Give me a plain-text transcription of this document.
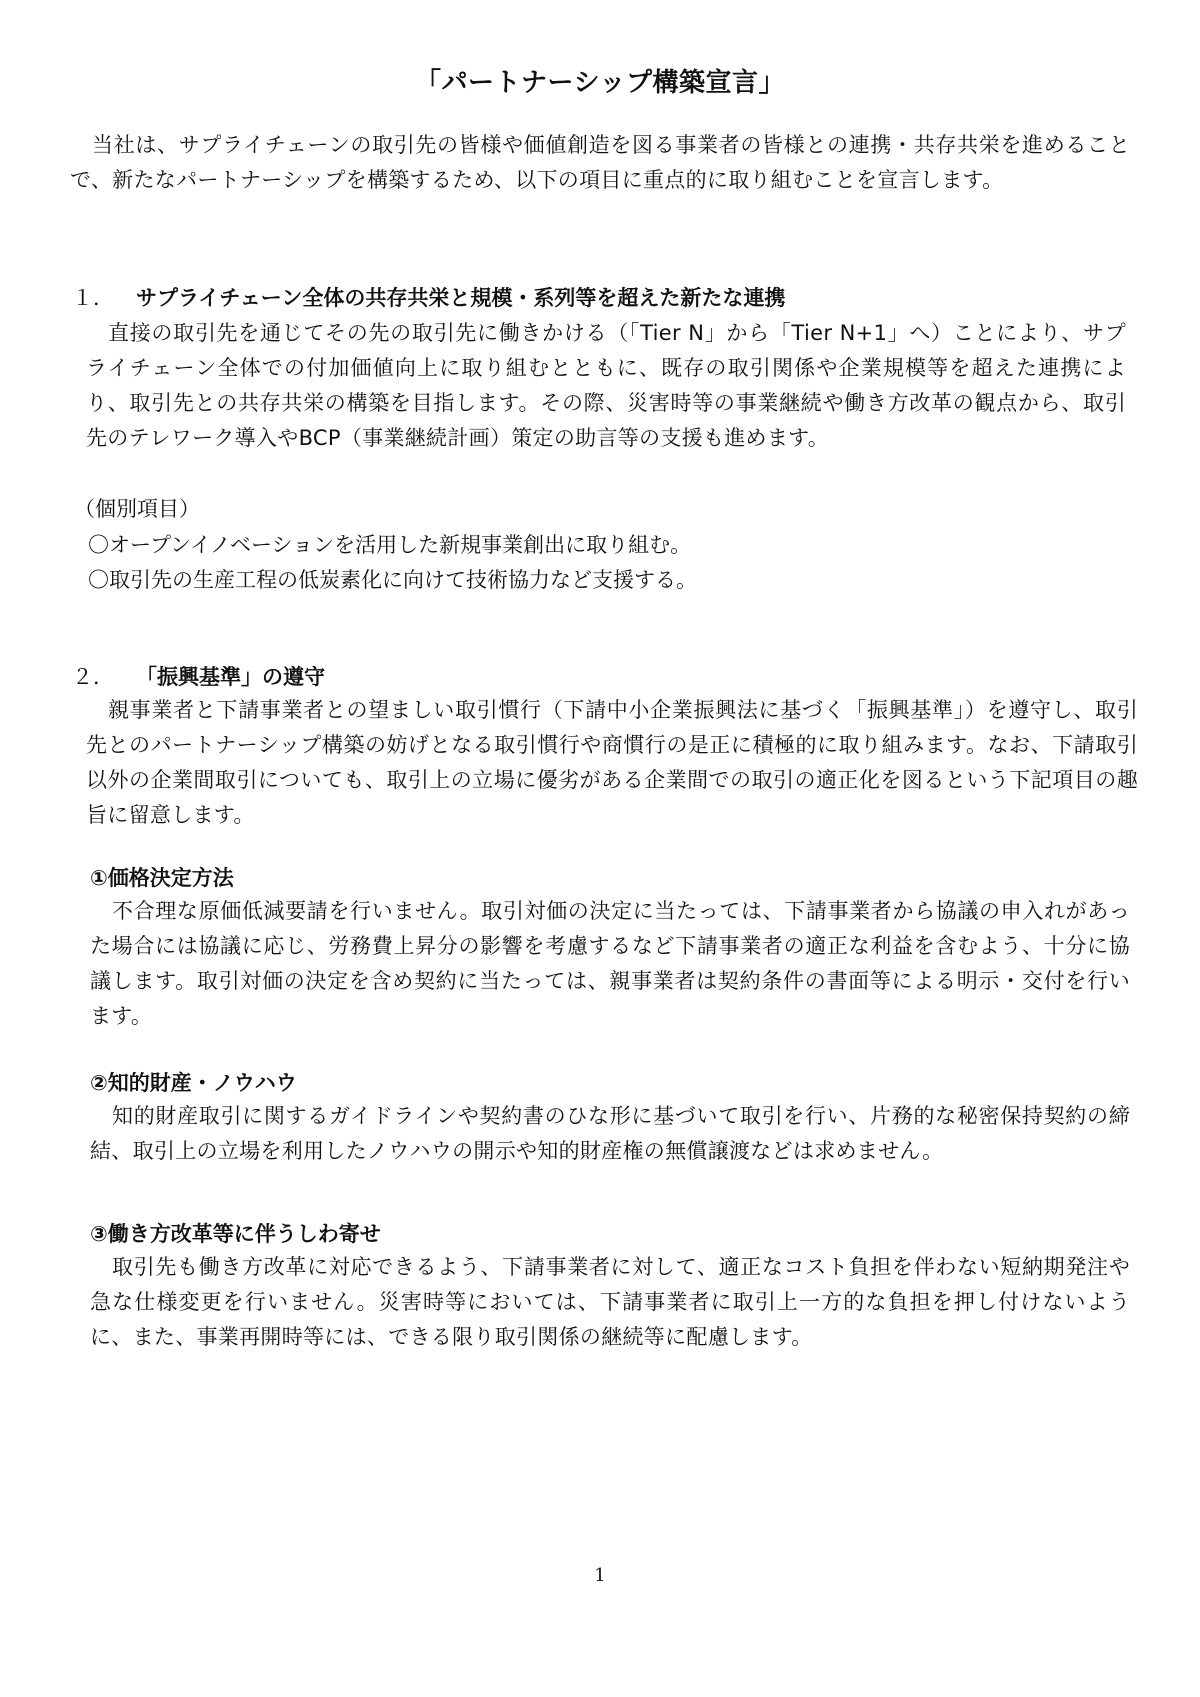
「パートナーシップ構築宣言」

当社は、サプライチェーンの取引先の皆様や価値創造を図る事業者の皆様との連携・共存共栄を進めることで、新たなパートナーシップを構築するため、以下の項目に重点的に取り組むことを宣言します。

１． サプライチェーン全体の共存共栄と規模・系列等を超えた新たな連携

直接の取引先を通じてその先の取引先に働きかける（「Tier N」から「Tier N+1」へ）ことにより、サプライチェーン全体での付加価値向上に取り組むとともに、既存の取引関係や企業規模等を超えた連携により、取引先との共存共栄の構築を目指します。その際、災害時等の事業継続や働き方改革の観点から、取引先のテレワーク導入やBCP（事業継続計画）策定の助言等の支援も進めます。

（個別項目）
〇オープンイノベーションを活用した新規事業創出に取り組む。
〇取引先の生産工程の低炭素化に向けて技術協力など支援する。
２． 「振興基準」の遵守

親事業者と下請事業者との望ましい取引慣行（下請中小企業振興法に基づく「振興基準」）を遵守し、取引先とのパートナーシップ構築の妨げとなる取引慣行や商慣行の是正に積極的に取り組みます。なお、下請取引以外の企業間取引についても、取引上の立場に優劣がある企業間での取引の適正化を図るという下記項目の趣旨に留意します。

①価格決定方法

不合理な原価低減要請を行いません。取引対価の決定に当たっては、下請事業者から協議の申入れがあった場合には協議に応じ、労務費上昇分の影響を考慮するなど下請事業者の適正な利益を含むよう、十分に協議します。取引対価の決定を含め契約に当たっては、親事業者は契約条件の書面等による明示・交付を行います。

②知的財産・ノウハウ

知的財産取引に関するガイドラインや契約書のひな形に基づいて取引を行い、片務的な秘密保持契約の締結、取引上の立場を利用したノウハウの開示や知的財産権の無償譲渡などは求めません。

③働き方改革等に伴うしわ寄せ

取引先も働き方改革に対応できるよう、下請事業者に対して、適正なコスト負担を伴わない短納期発注や急な仕様変更を行いません。災害時等においては、下請事業者に取引上一方的な負担を押し付けないように、また、事業再開時等には、できる限り取引関係の継続等に配慮します。

1
